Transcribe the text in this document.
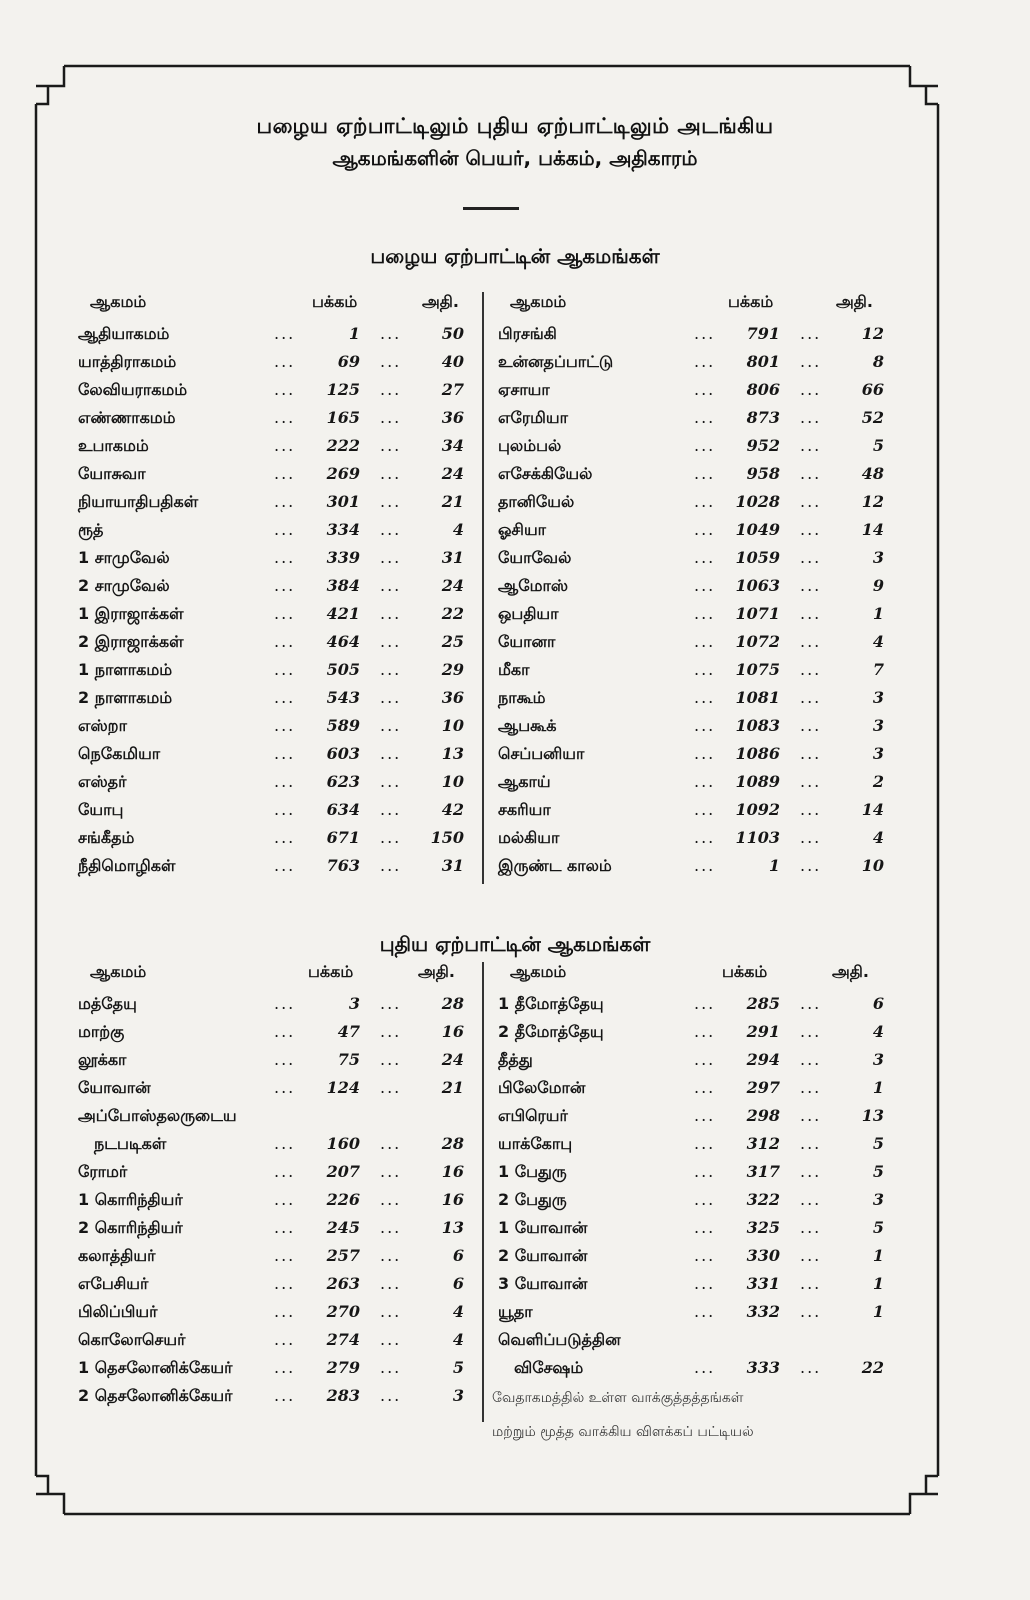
பழைய ஏற்பாட்டிலும் புதிய ஏற்பாட்டிலும் அடங்கிய
ஆகமங்களின் பெயர், பக்கம், அதிகாரம்
பழைய ஏற்பாட்டின் ஆகமங்கள்
ஆகமம்	பக்கம்	அதி.
ஆதியாகமம்	...	1 ...	50
யாத்திராகமம்	...	69 ...	40
லேவியராகமம்	...	125 ...	27
எண்ணாகமம்	...	165 ...	36
உபாகமம்	...	222 ...	34
யோசுவா	...	269 ...	24
நியாயாதிபதிகள்	...	301 ...	21
ரூத்	...	334 ...	4
1 சாமுவேல்	...	339 ...	31
2 சாமுவேல்	...	384 ...	24
1 இராஜாக்கள்	...	421 ...	22
2 இராஜாக்கள்	...	464 ...	25
1 நாளாகமம்	...	505 ...	29
2 நாளாகமம்	...	543 ...	36
எஸ்றா	...	589 ...	10
நெகேமியா	...	603 ...	13
எஸ்தர்	...	623 ...	10
யோபு	...	634 ...	42
சங்கீதம்	...	671 ...	150
நீதிமொழிகள்	...	763 ...	31
ஆகமம்	பக்கம்	அதி.
பிரசங்கி	...	791 ...	12
உன்னதப்பாட்டு	...	801 ...	8
ஏசாயா	...	806 ...	66
எரேமியா	...	873 ...	52
புலம்பல்	...	952 ...	5
எசேக்கியேல்	...	958 ...	48
தானியேல்	...	1028 ...	12
ஓசியா	...	1049 ...	14
யோவேல்	...	1059 ...	3
ஆமோஸ்	...	1063 ...	9
ஒபதியா	...	1071 ...	1
யோனா	...	1072 ...	4
மீகா	...	1075 ...	7
நாகூம்	...	1081 ...	3
ஆபகூக்	...	1083 ...	3
செப்பனியா	...	1086 ...	3
ஆகாய்	...	1089 ...	2
சகரியா	...	1092 ...	14
மல்கியா	...	1103 ...	4
இருண்ட காலம்	...	1 ...	10
புதிய ஏற்பாட்டின் ஆகமங்கள்
ஆகமம்	பக்கம்	அதி.
மத்தேயு	...	3 ...	28
மாற்கு	...	47 ...	16
லூக்கா	...	75 ...	24
யோவான்	...	124 ...	21
அப்போஸ்தலருடைய
நடபடிகள்	...	160 ...	28
ரோமர்	...	207 ...	16
1 கொரிந்தியர்	...	226 ...	16
2 கொரிந்தியர்	...	245 ...	13
கலாத்தியர்	...	257 ...	6
எபேசியர்	...	263 ...	6
பிலிப்பியர்	...	270 ...	4
கொலோசெயர்	...	274 ...	4
1 தெசலோனிக்கேயர்	...	279 ...	5
2 தெசலோனிக்கேயர்	...	283 ...	3
ஆகமம்	பக்கம்	அதி.
1 தீமோத்தேயு	...	285 ...	6
2 தீமோத்தேயு	...	291 ...	4
தீத்து	...	294 ...	3
பிலேமோன்	...	297 ...	1
எபிரெயர்	...	298 ...	13
யாக்கோபு	...	312 ...	5
1 பேதுரு	...	317 ...	5
2 பேதுரு	...	322 ...	3
1 யோவான்	...	325 ...	5
2 யோவான்	...	330 ...	1
3 யோவான்	...	331 ...	1
யூதா	...	332 ...	1
வெளிப்படுத்தின
விசேஷம்	...	333 ...	22
வேதாகமத்தில் உள்ள வாக்குத்தத்தங்கள்
மற்றும் மூத்த வாக்கிய விளக்கப் பட்டியல்
